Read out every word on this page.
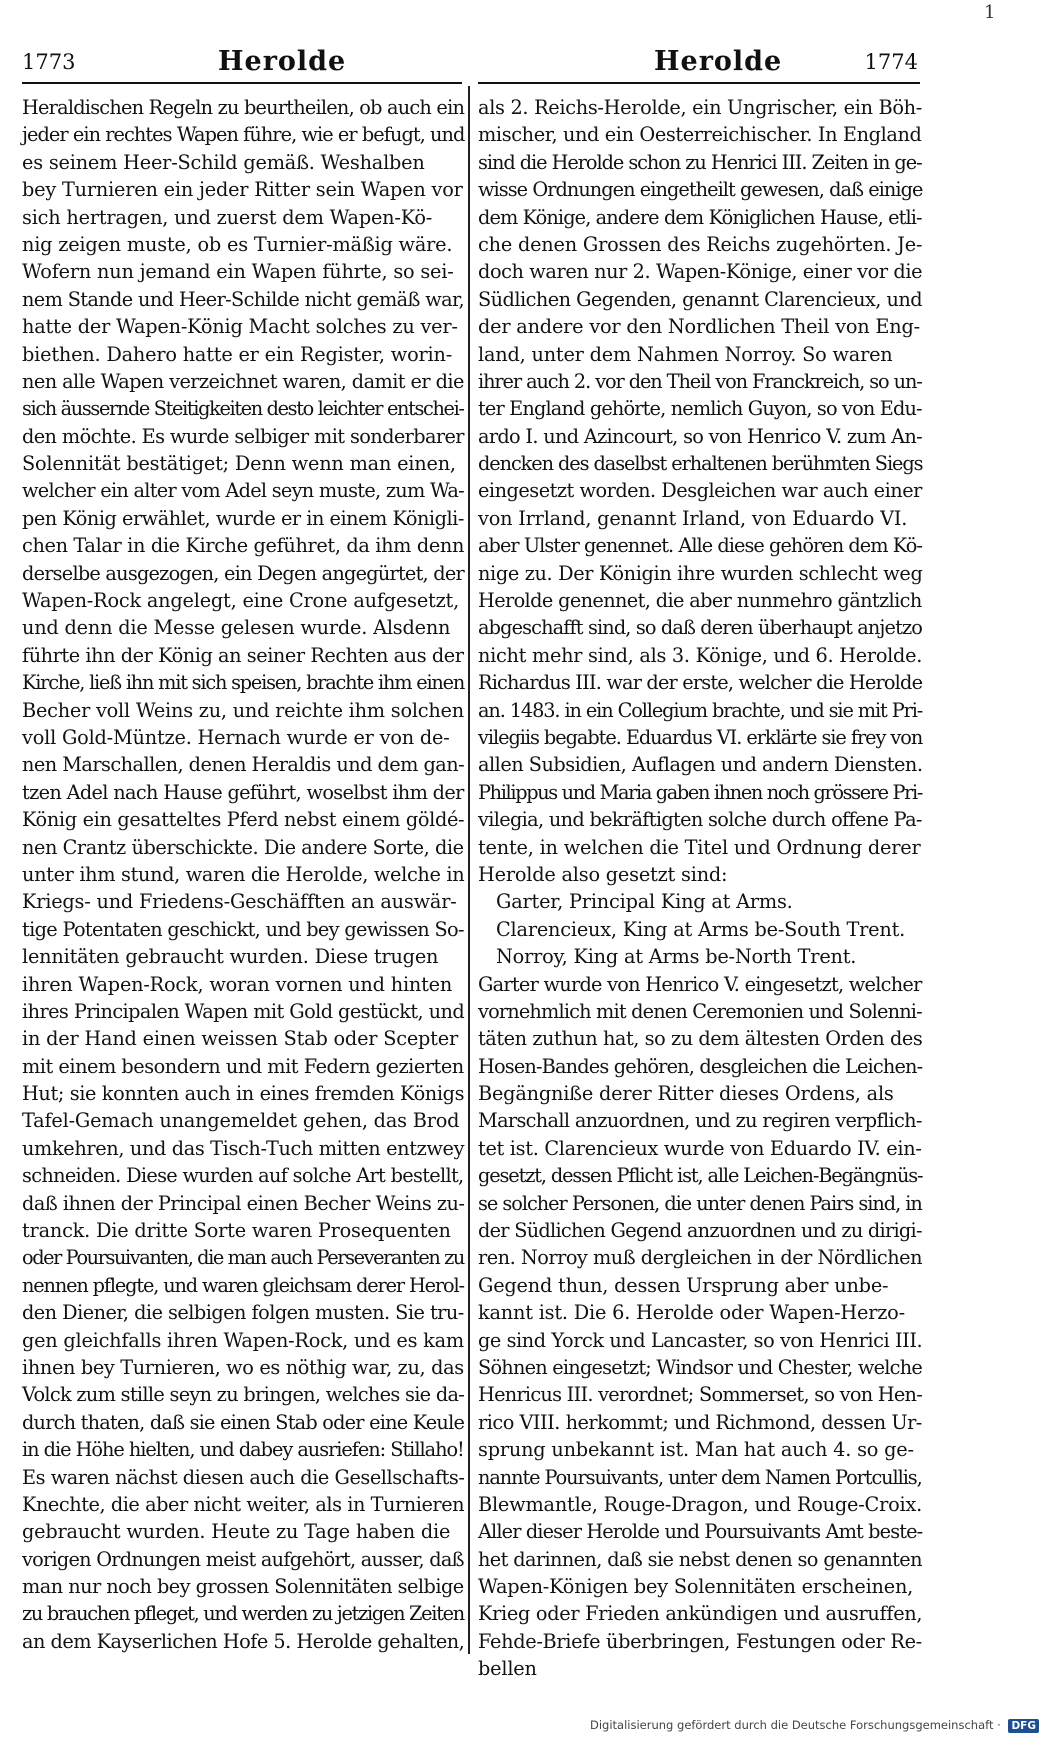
1
1773	Herolde	Herolde	1774
Heraldischen Regeln zu beurtheilen, ob auch ein
jeder ein rechtes Wapen führe, wie er befugt, und
es seinem Heer-Schild gemäß. Weshalben
bey Turnieren ein jeder Ritter sein Wapen vor
sich hertragen, und zuerst dem Wapen-Kö-
nig zeigen muste, ob es Turnier-mäßig wäre.
Wofern nun jemand ein Wapen führte, so sei-
nem Stande und Heer-Schilde nicht gemäß war,
hatte der Wapen-König Macht solches zu ver-
biethen. Dahero hatte er ein Register, worin-
nen alle Wapen verzeichnet waren, damit er die
sich äussernde Steitigkeiten desto leichter entschei-
den möchte. Es wurde selbiger mit sonderbarer
Solennität bestätiget; Denn wenn man einen,
welcher ein alter vom Adel seyn muste, zum Wa-
pen König erwählet, wurde er in einem Königli-
chen Talar in die Kirche geführet, da ihm denn
derselbe ausgezogen, ein Degen angegürtet, der
Wapen-Rock angelegt, eine Crone aufgesetzt,
und denn die Messe gelesen wurde. Alsdenn
führte ihn der König an seiner Rechten aus der
Kirche, ließ ihn mit sich speisen, brachte ihm einen
Becher voll Weins zu, und reichte ihm solchen
voll Gold-Müntze. Hernach wurde er von de-
nen Marschallen, denen Heraldis und dem gan-
tzen Adel nach Hause geführt, woselbst ihm der
König ein gesatteltes Pferd nebst einem göldé-
nen Crantz überschickte. Die andere Sorte, die
unter ihm stund, waren die Herolde, welche in
Kriegs- und Friedens-Geschäfften an auswär-
tige Potentaten geschickt, und bey gewissen So-
lennitäten gebraucht wurden. Diese trugen
ihren Wapen-Rock, woran vornen und hinten
ihres Principalen Wapen mit Gold gestückt, und
in der Hand einen weissen Stab oder Scepter
mit einem besondern und mit Federn gezierten
Hut; sie konnten auch in eines fremden Königs
Tafel-Gemach unangemeldet gehen, das Brod
umkehren, und das Tisch-Tuch mitten entzwey
schneiden. Diese wurden auf solche Art bestellt,
daß ihnen der Principal einen Becher Weins zu-
tranck. Die dritte Sorte waren Prosequenten
oder Poursuivanten, die man auch Perseveranten zu
nennen pflegte, und waren gleichsam derer Herol-
den Diener, die selbigen folgen musten. Sie tru-
gen gleichfalls ihren Wapen-Rock, und es kam
ihnen bey Turnieren, wo es nöthig war, zu, das
Volck zum stille seyn zu bringen, welches sie da-
durch thaten, daß sie einen Stab oder eine Keule
in die Höhe hielten, und dabey ausriefen: Stillaho!
Es waren nächst diesen auch die Gesellschafts-
Knechte, die aber nicht weiter, als in Turnieren
gebraucht wurden. Heute zu Tage haben die
vorigen Ordnungen meist aufgehört, ausser, daß
man nur noch bey grossen Solennitäten selbige
zu brauchen pfleget, und werden zu jetzigen Zeiten
an dem Kayserlichen Hofe 5. Herolde gehalten,
als 2. Reichs-Herolde, ein Ungrischer, ein Böh-
mischer, und ein Oesterreichischer. In England
sind die Herolde schon zu Henrici III. Zeiten in ge-
wisse Ordnungen eingetheilt gewesen, daß einige
dem Könige, andere dem Königlichen Hause, etli-
che denen Grossen des Reichs zugehörten. Je-
doch waren nur 2. Wapen-Könige, einer vor die
Südlichen Gegenden, genannt Clarencieux, und
der andere vor den Nordlichen Theil von Eng-
land, unter dem Nahmen Norroy. So waren
ihrer auch 2. vor den Theil von Franckreich, so un-
ter England gehörte, nemlich Guyon, so von Edu-
ardo I. und Azincourt, so von Henrico V. zum An-
dencken des daselbst erhaltenen berühmten Siegs
eingesetzt worden. Desgleichen war auch einer
von Irrland, genannt Irland, von Eduardo VI.
aber Ulster genennet. Alle diese gehören dem Kö-
nige zu. Der Königin ihre wurden schlecht weg
Herolde genennet, die aber nunmehro gäntzlich
abgeschafft sind, so daß deren überhaupt anjetzo
nicht mehr sind, als 3. Könige, und 6. Herolde.
Richardus III. war der erste, welcher die Herolde
an. 1483. in ein Collegium brachte, und sie mit Pri-
vilegiis begabte. Eduardus VI. erklärte sie frey von
allen Subsidien, Auflagen und andern Diensten.
Philippus und Maria gaben ihnen noch grössere Pri-
vilegia, und bekräftigten solche durch offene Pa-
tente, in welchen die Titel und Ordnung derer
Herolde also gesetzt sind:
Garter, Principal King at Arms.
Clarencieux, King at Arms be-South Trent.
Norroy, King at Arms be-North Trent.
Garter wurde von Henrico V. eingesetzt, welcher
vornehmlich mit denen Ceremonien und Solenni-
täten zuthun hat, so zu dem ältesten Orden des
Hosen-Bandes gehören, desgleichen die Leichen-
Begängniße derer Ritter dieses Ordens, als
Marschall anzuordnen, und zu regiren verpflich-
tet ist. Clarencieux wurde von Eduardo IV. ein-
gesetzt, dessen Pflicht ist, alle Leichen-Begängnüs-
se solcher Personen, die unter denen Pairs sind, in
der Südlichen Gegend anzuordnen und zu dirigi-
ren. Norroy muß dergleichen in der Nördlichen
Gegend thun, dessen Ursprung aber unbe-
kannt ist. Die 6. Herolde oder Wapen-Herzo-
ge sind Yorck und Lancaster, so von Henrici III.
Söhnen eingesetzt; Windsor und Chester, welche
Henricus III. verordnet; Sommerset, so von Hen-
rico VIII. herkommt; und Richmond, dessen Ur-
sprung unbekannt ist. Man hat auch 4. so ge-
nannte Poursuivants, unter dem Namen Portcullis,
Blewmantle, Rouge-Dragon, und Rouge-Croix.
Aller dieser Herolde und Poursuivants Amt beste-
het darinnen, daß sie nebst denen so genannten
Wapen-Königen bey Solennitäten erscheinen,
Krieg oder Frieden ankündigen und ausruffen,
Fehde-Briefe überbringen, Festungen oder Re-
bellen
Digitalisierung gefördert durch die Deutsche Forschungsgemeinschaft · DFG
